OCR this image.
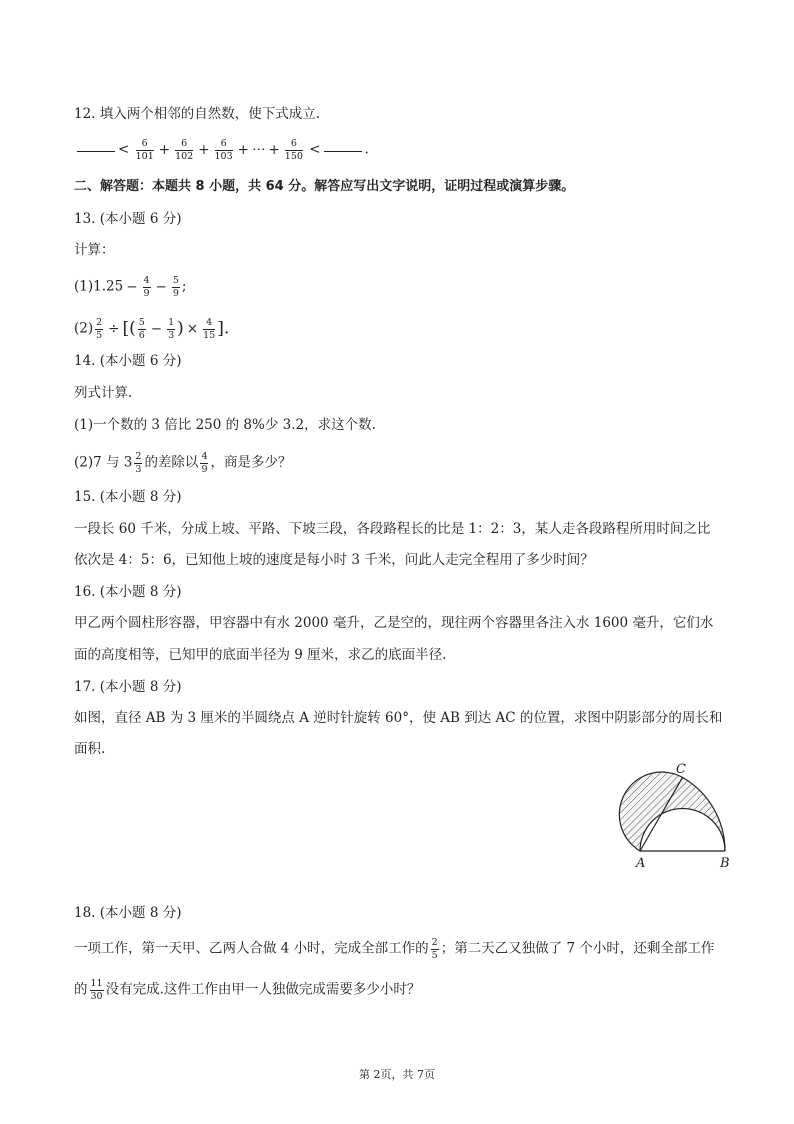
12. 填入两个相邻的自然数，使下式成立.
< $\frac{6}{101} + \frac{6}{102} + \frac{6}{103}$ + ⋯ + $\frac{6}{150}$ <	.
二、解答题：本题共 8 小题，共 64 分。解答应写出文字说明，证明过程或演算步骤。
13. (本小题 6 分)
计算：
$(1)1.25 - \frac{4}{9} - \frac{5}{9}$ ;
$(2) \frac{2}{5}$ ÷ [( $\frac{5}{6} - \frac{1}{3}$ ) × $\frac{4}{15}$ ].
14. (本小题 6 分)
列式计算.
(1)一个数的 3 倍比 250 的 8%少 3.2，求这个数.
(2)7 与 $3 \frac{2}{3}$ 的差除以 $\frac{4}{9}$ ，商是多少？
15. (本小题 8 分)
一段长 60 千米，分成上坡、平路、下坡三段，各段路程长的比是 1：2：3，某人走各段路程所用时间之比
依次是 4：5：6，已知他上坡的速度是每小时 3 千米，问此人走完全程用了多少时间？
16. (本小题 8 分)
甲乙两个圆柱形容器，甲容器中有水 2000 毫升，乙是空的，现往两个容器里各注入水 1600 毫升，它们水
面的高度相等，已知甲的底面半径为 9 厘米，求乙的底面半径.
17. (本小题 8 分)
如图，直径 AB 为 3 厘米的半圆绕点 A 逆时针旋转 60°，使 AB 到达 AC 的位置，求图中阴影部分的周长和
面积.
A	B
C
18. (本小题 8 分)
一项工作，第一天甲、乙两人合做 4 小时，完成全部工作的 $\frac{2}{5}$ ；第二天乙又独做了 7 个小时，还剩全部工作
的 $\frac{11}{30}$ 没有完成.这件工作由甲一人独做完成需要多少小时？
第 2页，共 7页
